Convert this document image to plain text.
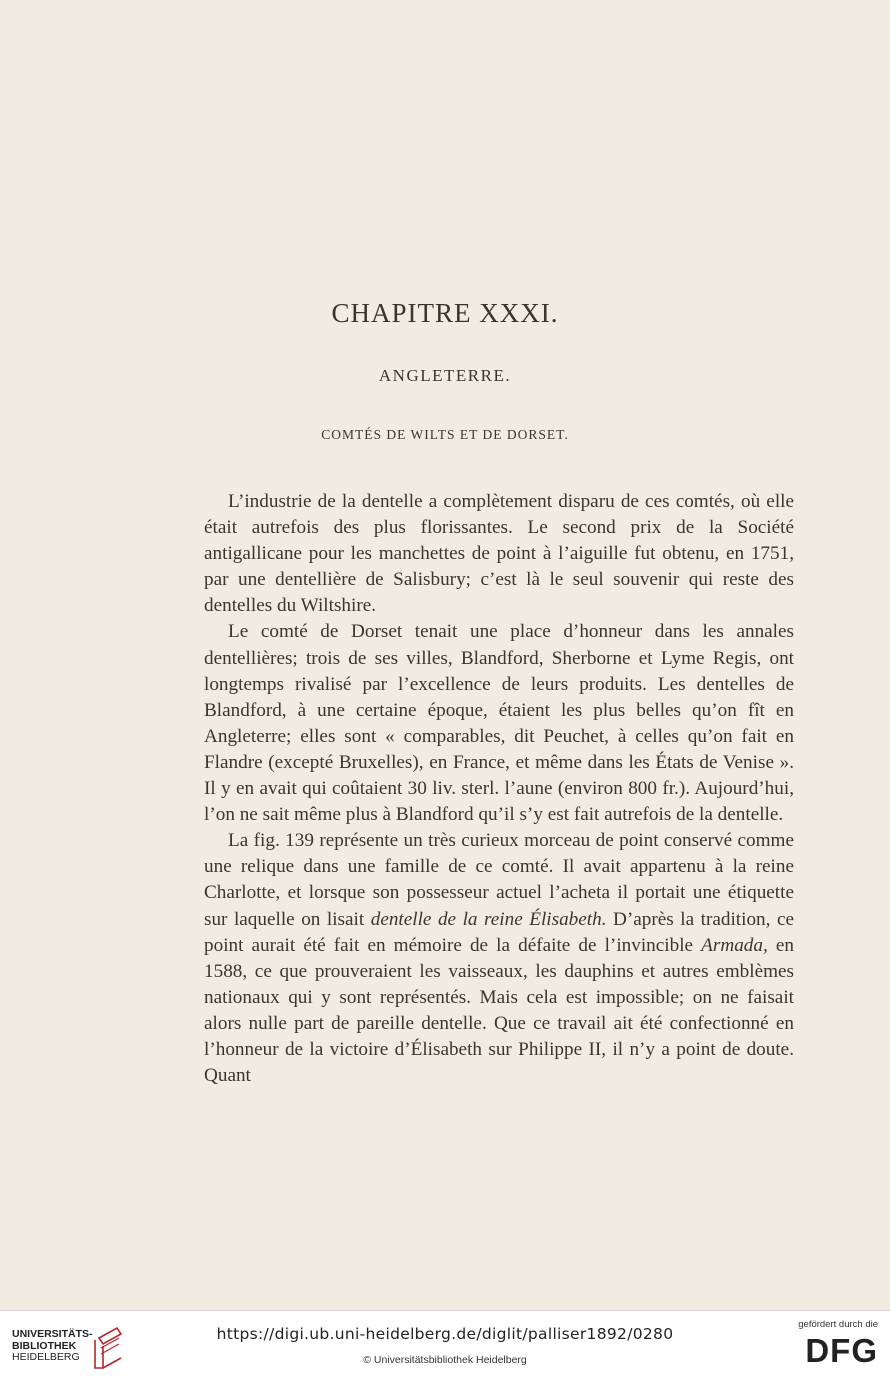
CHAPITRE XXXI.
ANGLETERRE.
COMTÉS DE WILTS ET DE DORSET.

L’industrie de la dentelle a complètement disparu de ces comtés, où elle était autrefois des plus florissantes. Le second prix de la Société antigallicane pour les manchettes de point à l’aiguille fut obtenu, en 1751, par une dentellière de Salisbury; c’est là le seul souvenir qui reste des dentelles du Wiltshire.

Le comté de Dorset tenait une place d’honneur dans les annales dentellières; trois de ses villes, Blandford, Sherborne et Lyme Regis, ont longtemps rivalisé par l’excellence de leurs produits. Les dentelles de Blandford, à une certaine époque, étaient les plus belles qu’on fît en Angleterre; elles sont « comparables, dit Peuchet, à celles qu’on fait en Flandre (excepté Bruxelles), en France, et même dans les États de Venise ». Il y en avait qui coûtaient 30 liv. sterl. l’aune (environ 800 fr.). Aujourd’hui, l’on ne sait même plus à Blandford qu’il s’y est fait autrefois de la dentelle.

La fig. 139 représente un très curieux morceau de point conservé comme une relique dans une famille de ce comté. Il avait appartenu à la reine Charlotte, et lorsque son possesseur actuel l’acheta il portait une étiquette sur laquelle on lisait dentelle de la reine Élisabeth. D’après la tradition, ce point aurait été fait en mémoire de la défaite de l’invincible Armada, en 1588, ce que prouveraient les vaisseaux, les dauphins et autres emblèmes nationaux qui y sont représentés. Mais cela est impossible; on ne faisait alors nulle part de pareille dentelle. Que ce travail ait été confectionné en l’honneur de la victoire d’Élisabeth sur Philippe II, il n’y a point de doute. Quant

UNIVERSITÄTS-
BIBLIOTHEK
HEIDELBERG
https://digi.ub.uni-heidelberg.de/diglit/palliser1892/0280
© Universitätsbibliothek Heidelberg
gefördert durch die
DFG
